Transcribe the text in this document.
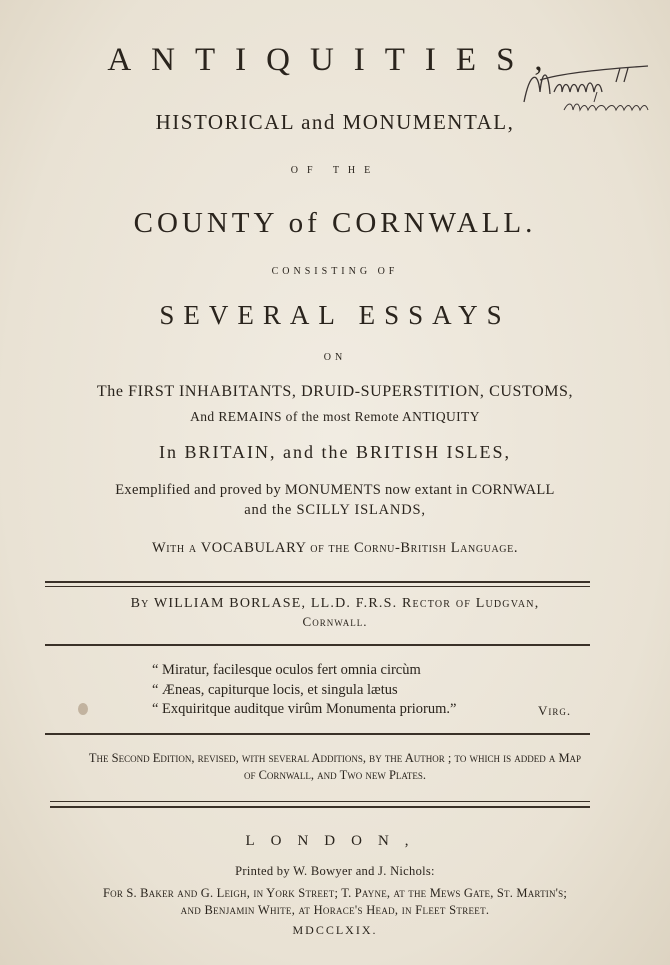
ANTIQUITIES,
HISTORICAL and MONUMENTAL,
OF THE
COUNTY of CORNWALL.
CONSISTING OF
SEVERAL ESSAYS
ON
The FIRST INHABITANTS, DRUID-SUPERSTITION, CUSTOMS,
And REMAINS of the most Remote ANTIQUITY
In BRITAIN, and the BRITISH ISLES,
Exemplified and proved by MONUMENTS now extant in CORNWALL
and the SCILLY ISLANDS,
With a VOCABULARY of the Cornu-British Language.
By WILLIAM BORLASE, LL.D. F.R.S. Rector of Ludgvan,
Cornwall.
“ Miratur, facilesque oculos fert omnia circùm
“ Æneas, capiturque locis, et singula lætus
“ Exquiritque auditque virûm Monumenta priorum.”	Virg.
The Second Edition, revised, with several Additions, by the Author ; to which is added a Map
of Cornwall, and Two new Plates.
LONDON,
Printed by W. Bowyer and J. Nichols:
For S. Baker and G. Leigh, in York Street; T. Payne, at the Mews Gate, St. Martin's;
and Benjamin White, at Horace's Head, in Fleet Street.
MDCCLXIX.
